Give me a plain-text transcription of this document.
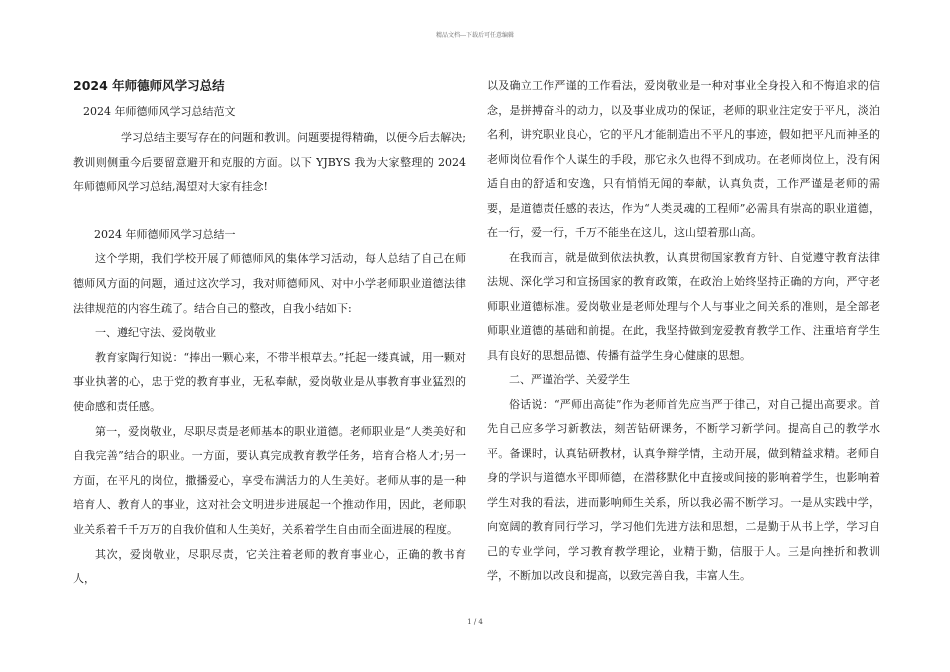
精品文档---下载后可任意编辑
2024 年师德师风学习总结
2024 年师德师风学习总结范文

学习总结主要写存在的问题和教训。问题要提得精确，以便今后去解决;教训则侧重今后要留意避开和克服的方面。以下 YJBYS 我为大家整理的 2024 年师德师风学习总结,渴望对大家有挂念!

2024 年师德师风学习总结一

这个学期，我们学校开展了师德师风的集体学习活动，每人总结了自己在师德师风方面的问题，通过这次学习，我对师德师风、对中小学老师职业道德法律法律规范的内容生疏了。结合自己的整改，自我小结如下:

一、遵纪守法、爱岗敬业

教育家陶行知说：“捧出一颗心来，不带半根草去。”托起一缕真诚，用一颗对事业执著的心，忠于党的教育事业，无私奉献，爱岗敬业是从事教育事业猛烈的使命感和责任感。

第一，爱岗敬业，尽职尽责是老师基本的职业道德。老师职业是“人类美好和自我完善”结合的职业。一方面，要认真完成教育教学任务，培育合格人才;另一方面，在平凡的岗位，撒播爱心，享受布满活力的人生美好。老师从事的是一种培育人、教育人的事业，这对社会文明进步进展起一个推动作用，因此，老师职业关系着千千万万的自我价值和人生美好，关系着学生自由而全面进展的程度。

其次，爱岗敬业，尽职尽责，它关注着老师的教育事业心，正确的教书育人，

以及确立工作严谨的工作看法，爱岗敬业是一种对事业全身投入和不悔追求的信念，是拼搏奋斗的动力，以及事业成功的保证，老师的职业注定安于平凡，淡泊名利，讲究职业良心，它的平凡才能制造出不平凡的事迹，假如把平凡而神圣的老师岗位看作个人谋生的手段，那它永久也得不到成功。在老师岗位上，没有闲适自由的舒适和安逸，只有悄悄无闻的奉献，认真负责，工作严谨是老师的需要，是道德责任感的表达，作为“人类灵魂的工程师”必需具有崇高的职业道德，在一行，爱一行，千万不能坐在这儿，这山望着那山高。

在我而言，就是做到依法执教，认真贯彻国家教育方针、自觉遵守教育法律法规、深化学习和宣扬国家的教育政策，在政治上始终坚持正确的方向，严守老师职业道德标准。爱岗敬业是老师处理与个人与事业之间关系的准则，是全部老师职业道德的基础和前提。在此，我坚持做到宠爱教育教学工作、注重培育学生具有良好的思想品德、传播有益学生身心健康的思想。

二、严谨治学、关爱学生

俗话说：“严师出高徒”作为老师首先应当严于律己，对自己提出高要求。首先自己应多学习新教法，刻苦钻研课务，不断学习新学问。提高自己的教学水平。备课时，认真钻研教材，认真争辩学情，主动开展，做到精益求精。老师自身的学识与道德水平即师德，在潜移默化中直接或间接的影响着学生，也影响着学生对我的看法，进而影响师生关系，所以我必需不断学习。一是从实践中学，向宽阔的教育同行学习，学习他们先进方法和思想，二是勤于从书上学，学习自己的专业学问，学习教育教学理论，业精于勤，信服于人。三是向挫折和教训学，不断加以改良和提高，以致完善自我，丰富人生。

1 / 4
